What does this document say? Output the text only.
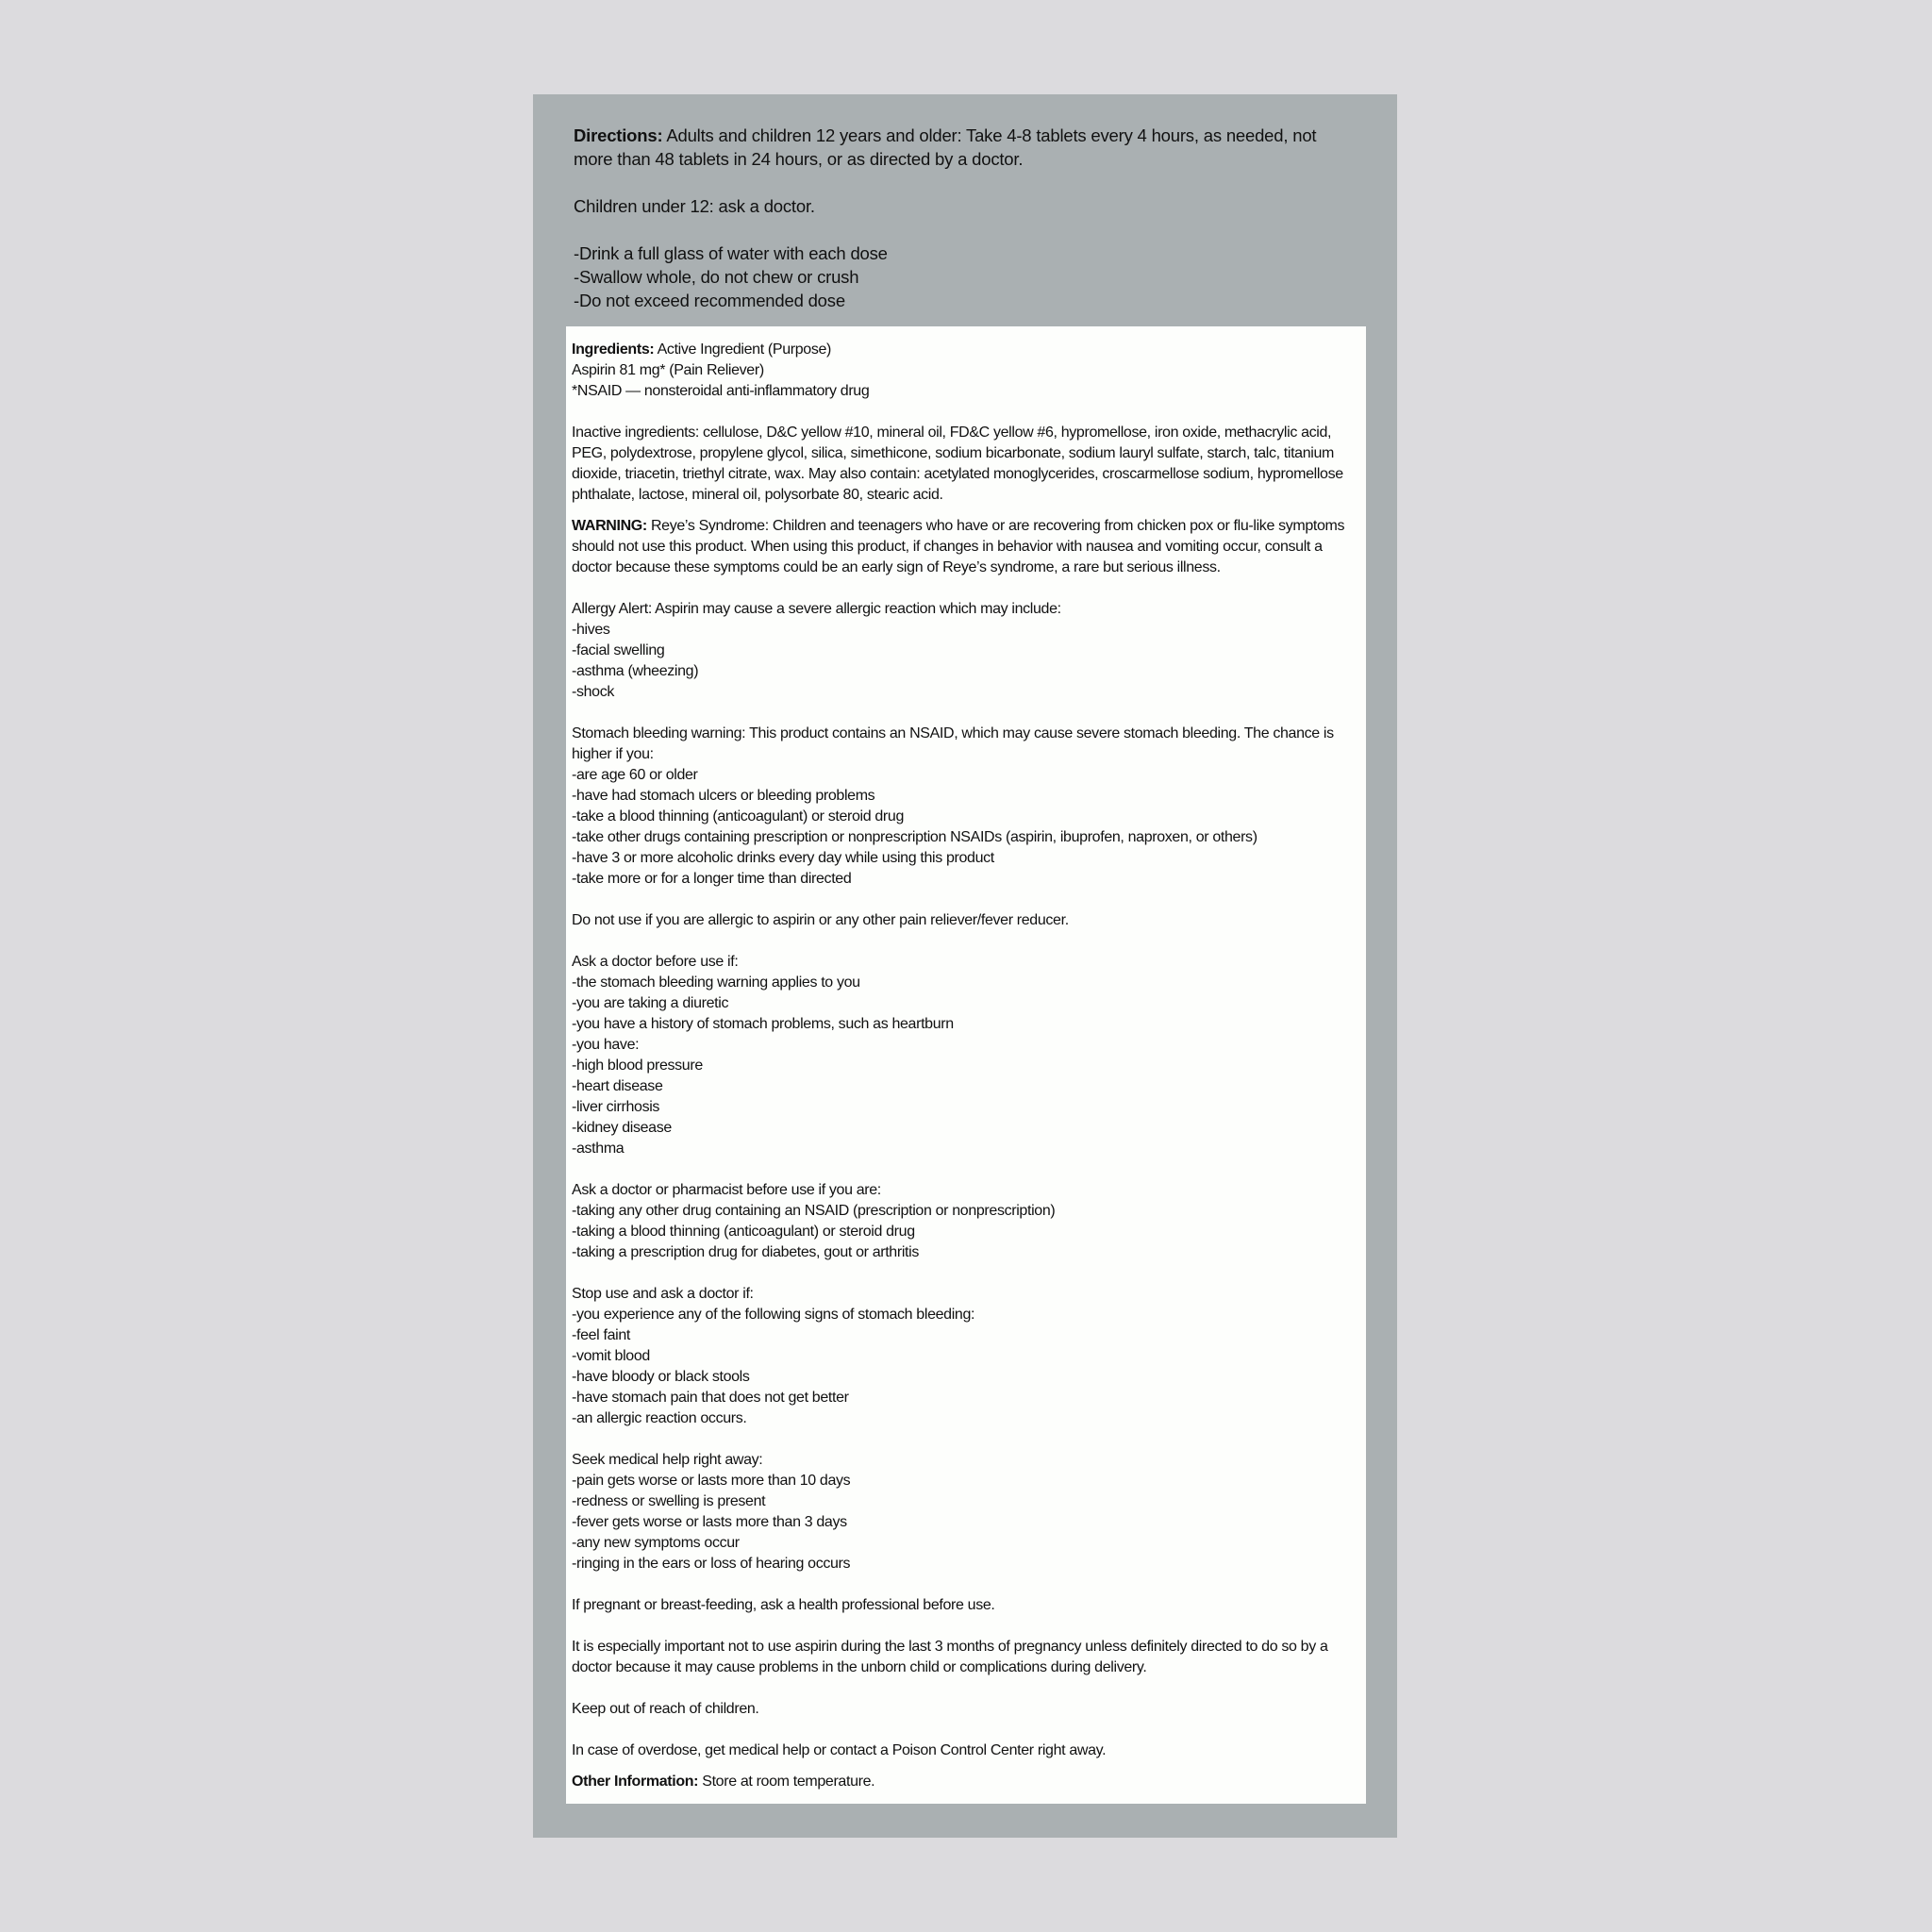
Directions: Adults and children 12 years and older: Take 4-8 tablets every 4 hours, as needed, not more than 48 tablets in 24 hours, or as directed by a doctor.

Children under 12: ask a doctor.

-Drink a full glass of water with each dose

-Swallow whole, do not chew or crush

-Do not exceed recommended dose

Ingredients: Active Ingredient (Purpose)

Aspirin 81 mg* (Pain Reliever)

*NSAID — nonsteroidal anti-inflammatory drug

Inactive ingredients: cellulose, D&C yellow #10, mineral oil, FD&C yellow #6, hypromellose, iron oxide, methacrylic acid, PEG, polydextrose, propylene glycol, silica, simethicone, sodium bicarbonate, sodium lauryl sulfate, starch, talc, titanium dioxide, triacetin, triethyl citrate, wax. May also contain: acetylated monoglycerides, croscarmellose sodium, hypromellose phthalate, lactose, mineral oil, polysorbate 80, stearic acid.

WARNING: Reye’s Syndrome: Children and teenagers who have or are recovering from chicken pox or flu-like symptoms should not use this product. When using this product, if changes in behavior with nausea and vomiting occur, consult a doctor because these symptoms could be an early sign of Reye’s syndrome, a rare but serious illness.

Allergy Alert: Aspirin may cause a severe allergic reaction which may include:

-hives

-facial swelling

-asthma (wheezing)

-shock

Stomach bleeding warning: This product contains an NSAID, which may cause severe stomach bleeding. The chance is higher if you:

-are age 60 or older

-have had stomach ulcers or bleeding problems

-take a blood thinning (anticoagulant) or steroid drug

-take other drugs containing prescription or nonprescription NSAIDs (aspirin, ibuprofen, naproxen, or others)

-have 3 or more alcoholic drinks every day while using this product

-take more or for a longer time than directed

Do not use if you are allergic to aspirin or any other pain reliever/fever reducer.

Ask a doctor before use if:

-the stomach bleeding warning applies to you

-you are taking a diuretic

-you have a history of stomach problems, such as heartburn

-you have:

-high blood pressure

-heart disease

-liver cirrhosis

-kidney disease

-asthma

Ask a doctor or pharmacist before use if you are:

-taking any other drug containing an NSAID (prescription or nonprescription)

-taking a blood thinning (anticoagulant) or steroid drug

-taking a prescription drug for diabetes, gout or arthritis

Stop use and ask a doctor if:

-you experience any of the following signs of stomach bleeding:

-feel faint

-vomit blood

-have bloody or black stools

-have stomach pain that does not get better

-an allergic reaction occurs.

Seek medical help right away:

-pain gets worse or lasts more than 10 days

-redness or swelling is present

-fever gets worse or lasts more than 3 days

-any new symptoms occur

-ringing in the ears or loss of hearing occurs

If pregnant or breast-feeding, ask a health professional before use.

It is especially important not to use aspirin during the last 3 months of pregnancy unless definitely directed to do so by a doctor because it may cause problems in the unborn child or complications during delivery.

Keep out of reach of children.

In case of overdose, get medical help or contact a Poison Control Center right away.

Other Information: Store at room temperature.
